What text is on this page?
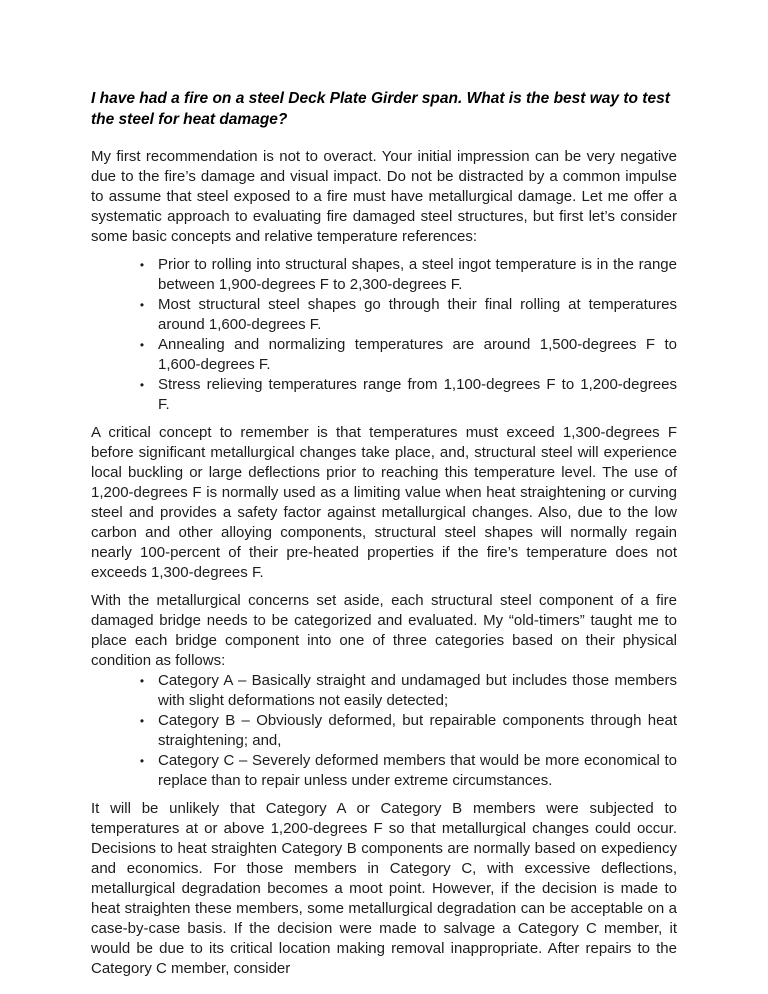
I have had a fire on a steel Deck Plate Girder span. What is the best way to test the steel for heat damage?

My first recommendation is not to overact. Your initial impression can be very negative due to the fire’s damage and visual impact. Do not be distracted by a common impulse to assume that steel exposed to a fire must have metallurgical damage. Let me offer a systematic approach to evaluating fire damaged steel structures, but first let’s consider some basic concepts and relative temperature references:

•
Prior to rolling into structural shapes, a steel ingot temperature is in the range between 1,900-degrees F to 2,300-degrees F.
•
Most structural steel shapes go through their final rolling at temperatures around 1,600-degrees F.
•
Annealing and normalizing temperatures are around 1,500-degrees F to 1,600-degrees F.
•
Stress relieving temperatures range from 1,100-degrees F to 1,200-degrees F.

A critical concept to remember is that temperatures must exceed 1,300-degrees F before significant metallurgical changes take place, and, structural steel will experience local buckling or large deflections prior to reaching this temperature level. The use of 1,200-degrees F is normally used as a limiting value when heat straightening or curving steel and provides a safety factor against metallurgical changes. Also, due to the low carbon and other alloying components, structural steel shapes will normally regain nearly 100-percent of their pre-heated properties if the fire’s temperature does not exceeds 1,300-degrees F.

With the metallurgical concerns set aside, each structural steel component of a fire damaged bridge needs to be categorized and evaluated. My “old-timers” taught me to place each bridge component into one of three categories based on their physical condition as follows:

•
Category A – Basically straight and undamaged but includes those members with slight deformations not easily detected;
•
Category B – Obviously deformed, but repairable components through heat straightening; and,
•
Category C – Severely deformed members that would be more economical to replace than to repair unless under extreme circumstances.

It will be unlikely that Category A or Category B members were subjected to temperatures at or above 1,200-degrees F so that metallurgical changes could occur. Decisions to heat straighten Category B components are normally based on expediency and economics. For those members in Category C, with excessive deflections, metallurgical degradation becomes a moot point. However, if the decision is made to heat straighten these members, some metallurgical degradation can be acceptable on a case-by-case basis. If the decision were made to salvage a Category C member, it would be due to its critical location making removal inappropriate. After repairs to the Category C member, consider
